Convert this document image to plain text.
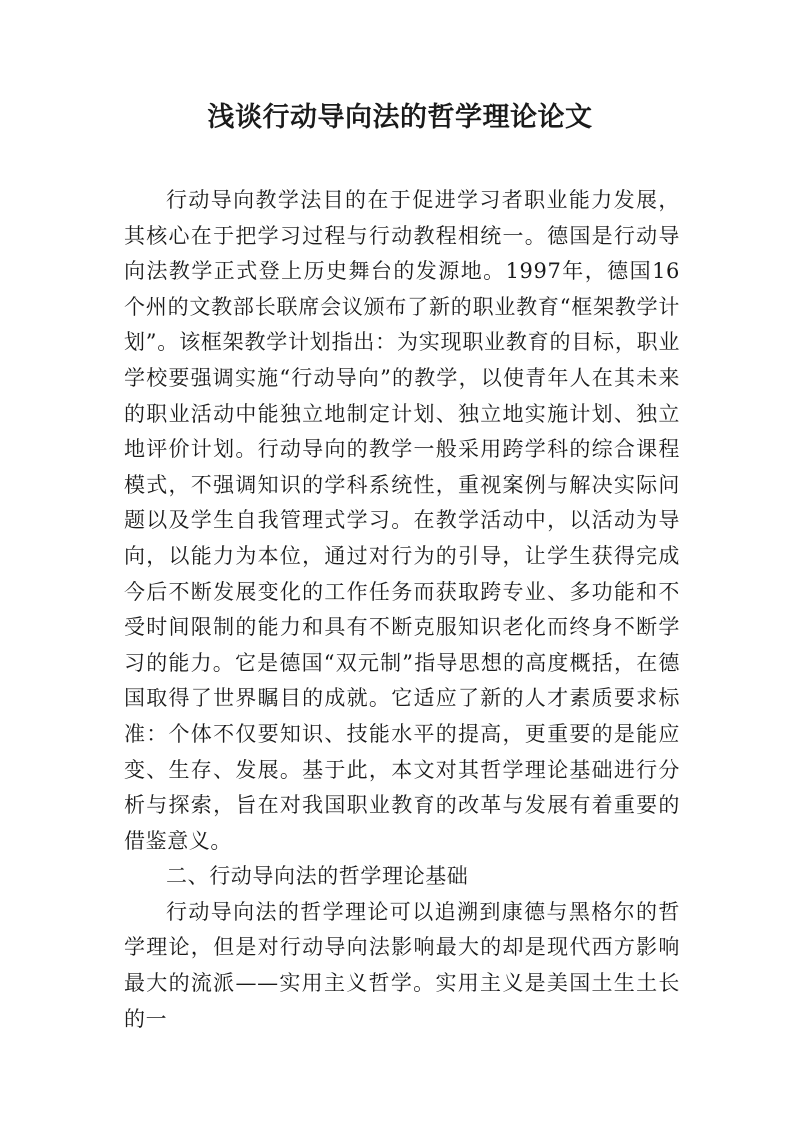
浅谈行动导向法的哲学理论论文

行动导向教学法目的在于促进学习者职业能力发展，其核心在于把学习过程与行动教程相统一。德国是行动导向法教学正式登上历史舞台的发源地。1997年，德国16个州的文教部长联席会议颁布了新的职业教育“框架教学计划”。该框架教学计划指出：为实现职业教育的目标，职业学校要强调实施“行动导向”的教学，以使青年人在其未来的职业活动中能独立地制定计划、独立地实施计划、独立地评价计划。行动导向的教学一般采用跨学科的综合课程模式，不强调知识的学科系统性，重视案例与解决实际问题以及学生自我管理式学习。在教学活动中，以活动为导向，以能力为本位，通过对行为的引导，让学生获得完成今后不断发展变化的工作任务而获取跨专业、多功能和不受时间限制的能力和具有不断克服知识老化而终身不断学习的能力。它是德国“双元制”指导思想的高度概括，在德国取得了世界瞩目的成就。它适应了新的人才素质要求标准：个体不仅要知识、技能水平的提高，更重要的是能应变、生存、发展。基于此，本文对其哲学理论基础进行分析与探索，旨在对我国职业教育的改革与发展有着重要的借鉴意义。

二、行动导向法的哲学理论基础

行动导向法的哲学理论可以追溯到康德与黑格尔的哲学理论，但是对行动导向法影响最大的却是现代西方影响最大的流派——实用主义哲学。实用主义是美国土生土长的一
